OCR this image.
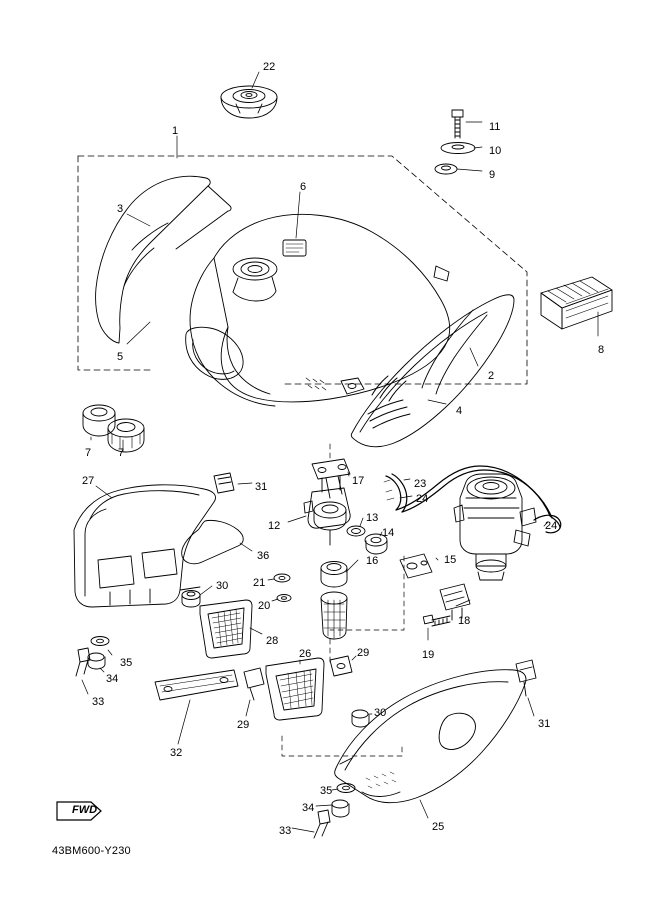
FWD
43BM600-Y230
22
11
10
9
1
3
6
5
8
2
4
7 7
27	31	17	23
24
24
12
13
14
15
36
30 21
16
20
18
19
29
28
35
34
33
26
30
29	31
32
35
34
33	25
